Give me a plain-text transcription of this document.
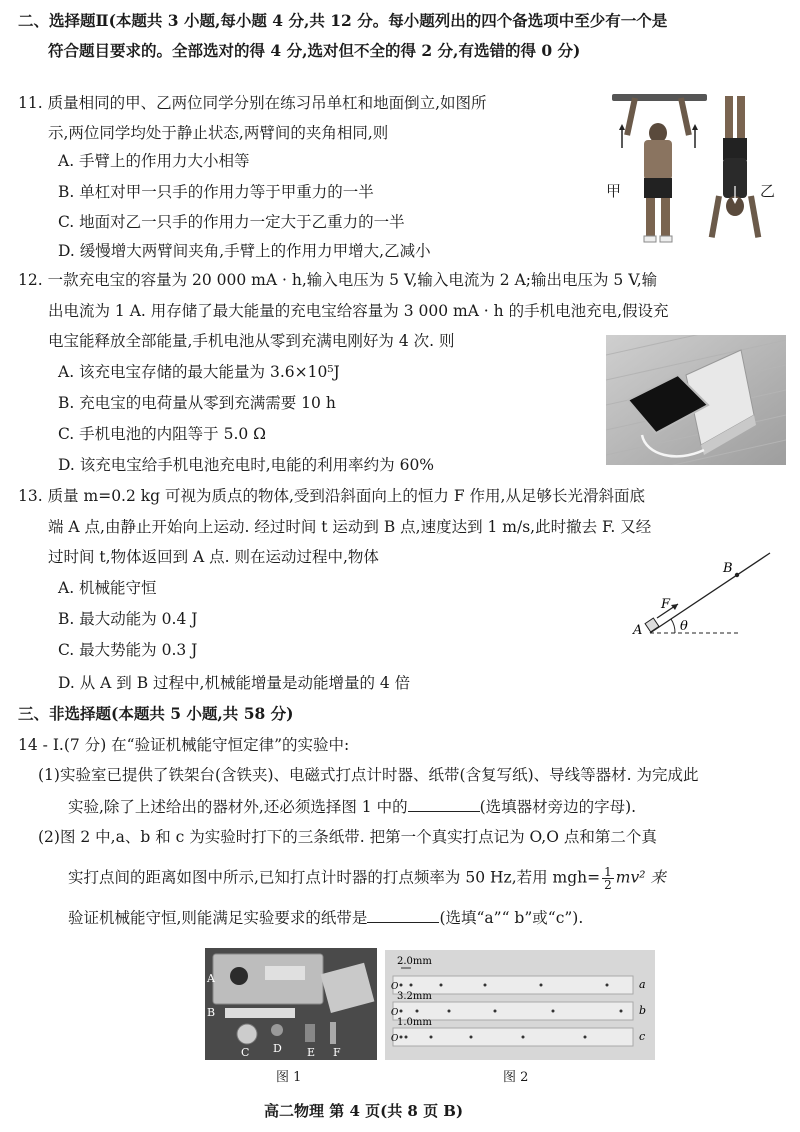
二、选择题Ⅱ(本题共 3 小题,每小题 4 分,共 12 分。每小题列出的四个备选项中至少有一个是
符合题目要求的。全部选对的得 4 分,选对但不全的得 2 分,有选错的得 0 分)
11. 质量相同的甲、乙两位同学分别在练习吊单杠和地面倒立,如图所
示,两位同学均处于静止状态,两臂间的夹角相同,则
A. 手臂上的作用力大小相等
B. 单杠对甲一只手的作用力等于甲重力的一半
C. 地面对乙一只手的作用力一定大于乙重力的一半
D. 缓慢增大两臂间夹角,手臂上的作用力甲增大,乙减小
甲	乙
12. 一款充电宝的容量为 20 000 mA · h,输入电压为 5 V,输入电流为 2 A;输出电压为 5 V,输
出电流为 1 A. 用存储了最大能量的充电宝给容量为 3 000 mA · h 的手机电池充电,假设充
电宝能释放全部能量,手机电池从零到充满电刚好为 4 次. 则
A. 该充电宝存储的最大能量为 3.6×10⁵J
B. 充电宝的电荷量从零到充满需要 10 h
C. 手机电池的内阻等于 5.0 Ω
D. 该充电宝给手机电池充电时,电能的利用率约为 60%
13. 质量 m=0.2 kg 可视为质点的物体,受到沿斜面向上的恒力 F 作用,从足够长光滑斜面底
端 A 点,由静止开始向上运动. 经过时间 t 运动到 B 点,速度达到 1 m/s,此时撤去 F. 又经
过时间 t,物体返回到 A 点. 则在运动过程中,物体
A. 机械能守恒
B. 最大动能为 0.4 J
C. 最大势能为 0.3 J
D. 从 A 到 B 过程中,机械能增量是动能增量的 4 倍
A
B
F
θ
三、非选择题(本题共 5 小题,共 58 分)
14 - Ⅰ.(7 分) 在“验证机械能守恒定律”的实验中:
(1)实验室已提供了铁架台(含铁夹)、电磁式打点计时器、纸带(含复写纸)、导线等器材. 为完成此
实验,除了上述给出的器材外,还必须选择图 1 中的	(选填器材旁边的字母).
(2)图 2 中,a、b 和 c 为实验时打下的三条纸带. 把第一个真实打点记为 O,O 点和第二个真
实打点间的距离如图中所示,已知打点计时器的打点频率为 50 Hz,若用 $mgh= \frac{1}{2} mv^2$ 来
验证机械能守恒,则能满足实验要求的纸带是	(选填“a”“ b”或“c”).
A
B
C D E F
图 1
2.0mm
3.2mm
1.0mm
O
O
O
a
b
c
图 2
高二物理 第 4 页(共 8 页 B)
